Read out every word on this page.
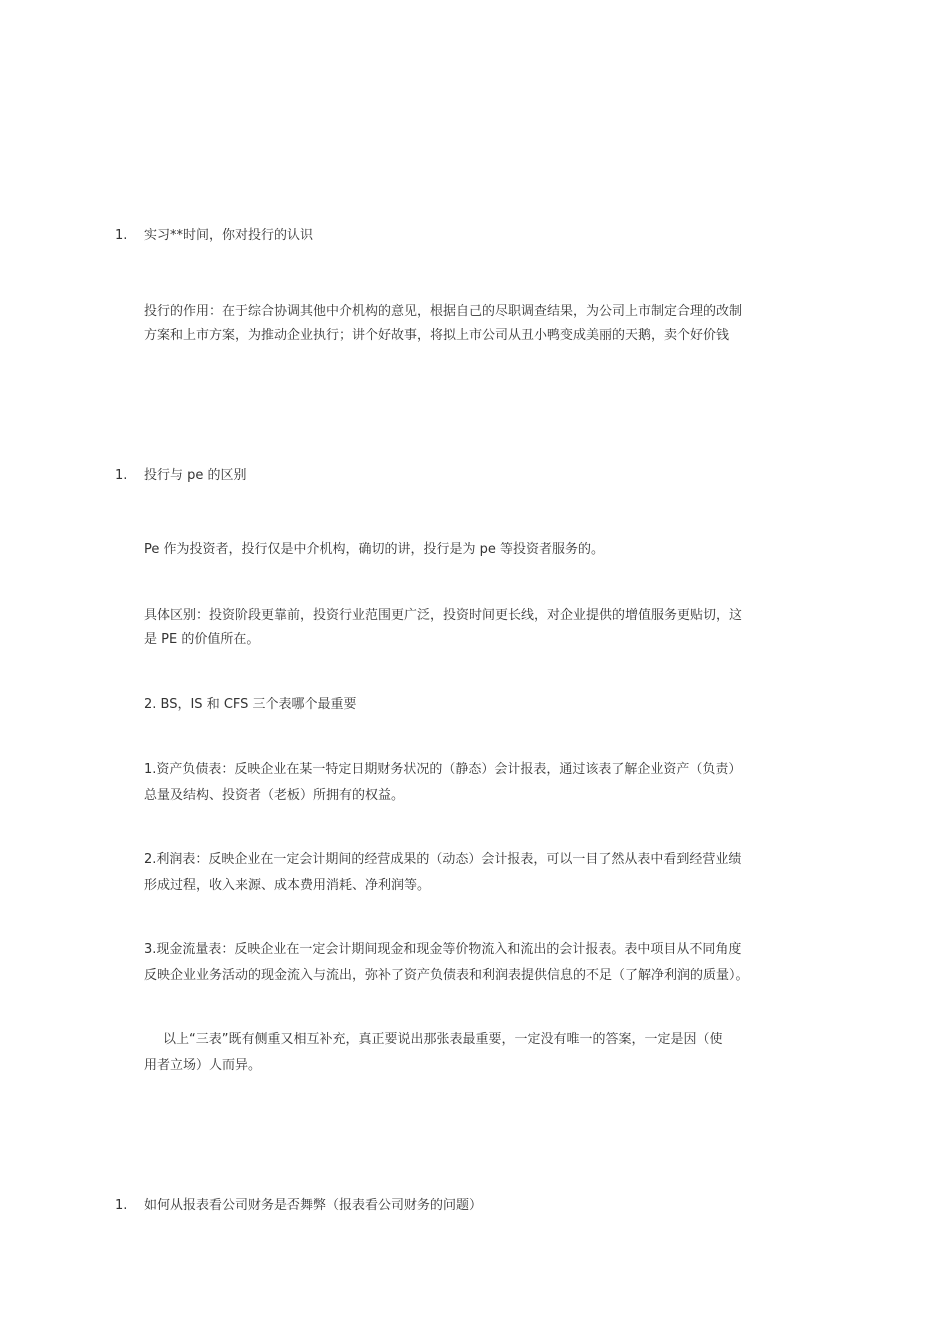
1. 实习**时间，你对投行的认识
投行的作用：在于综合协调其他中介机构的意见，根据自己的尽职调查结果，为公司上市制定合理的改制
方案和上市方案，为推动企业执行；讲个好故事，将拟上市公司从丑小鸭变成美丽的天鹅，卖个好价钱
1. 投行与 pe 的区别
Pe 作为投资者，投行仅是中介机构，确切的讲，投行是为 pe 等投资者服务的。
具体区别：投资阶段更靠前，投资行业范围更广泛，投资时间更长线，对企业提供的增值服务更贴切，这
是 PE 的价值所在。
2. BS，IS 和 CFS 三个表哪个最重要
1.资产负债表：反映企业在某一特定日期财务状况的（静态）会计报表，通过该表了解企业资产（负责）
总量及结构、投资者（老板）所拥有的权益。
2.利润表：反映企业在一定会计期间的经营成果的（动态）会计报表，可以一目了然从表中看到经营业绩
形成过程，收入来源、成本费用消耗、净利润等。
3.现金流量表：反映企业在一定会计期间现金和现金等价物流入和流出的会计报表。表中项目从不同角度
反映企业业务活动的现金流入与流出，弥补了资产负债表和利润表提供信息的不足（了解净利润的质量）。
以上“三表”既有侧重又相互补充，真正要说出那张表最重要，一定没有唯一的答案，一定是因（使
用者立场）人而异。
1. 如何从报表看公司财务是否舞弊（报表看公司财务的问题）
